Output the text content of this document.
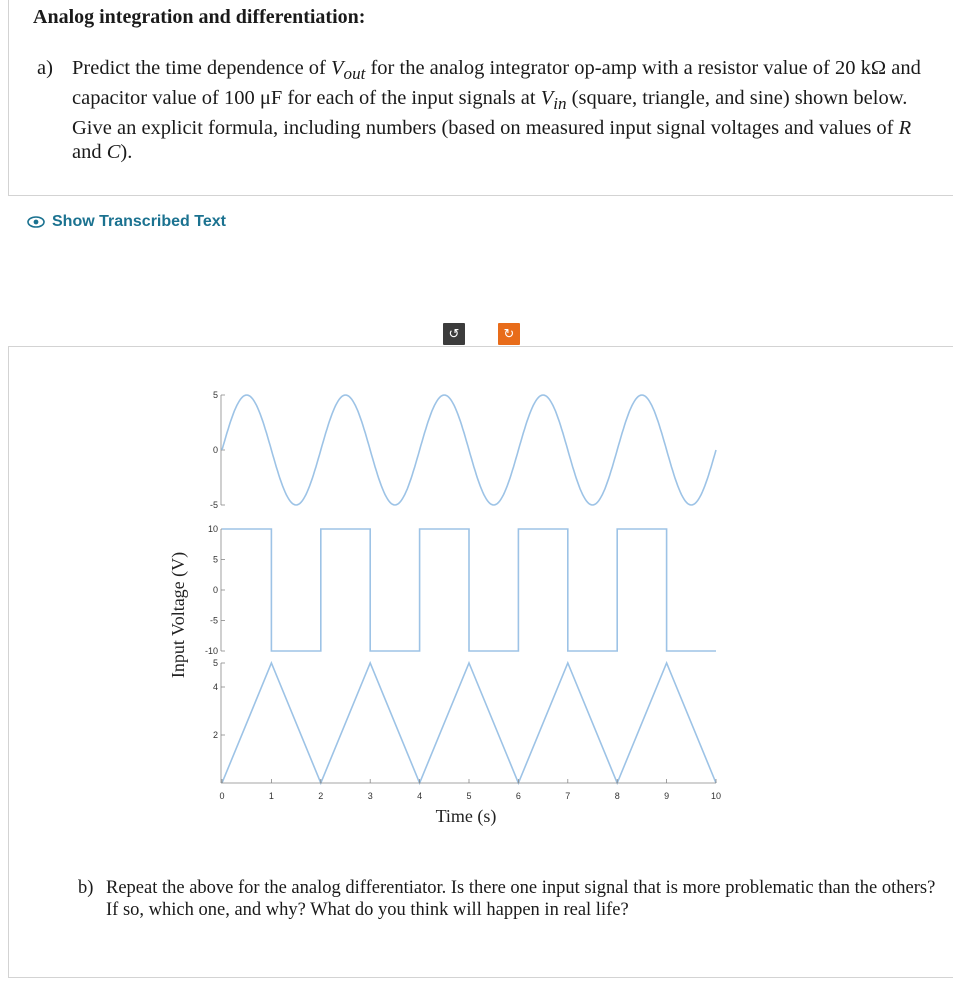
Analog integration and differentiation:
a) Predict the time dependence of $V_{out}$ for the analog integrator op-amp with a resistor value of 20 kΩ and capacitor value of 100 μF for each of the input signals at $V_{in}$ (square, triangle, and sine) shown below. Give an explicit formula, including numbers (based on measured input signal voltages and values of R and C).
Show Transcribed Text
↺	↻
5
0
-5
10
5
0
-5
-10
5
4
2
0	1	2	3	4	5	6	7	8	9	10
Input Voltage (V)
Time (s)
b) Repeat the above for the analog differentiator. Is there one input signal that is more problematic than the others? If so, which one, and why? What do you think will happen in real life?
